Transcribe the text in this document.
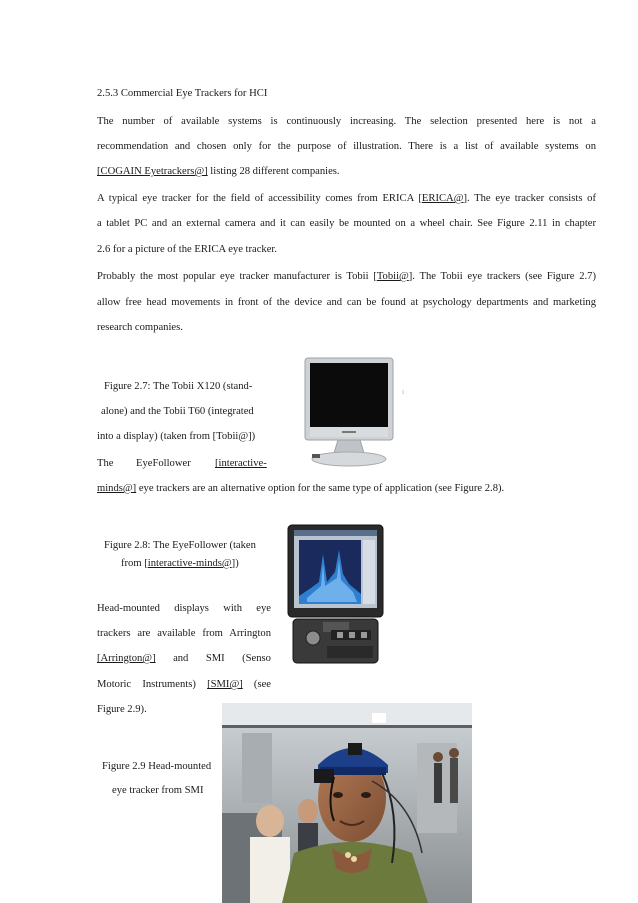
2.5.3 Commercial Eye Trackers for HCI
The number of available systems is continuously increasing. The selection presented here is not a
recommendation and chosen only for the purpose of illustration. There is a list of available systems on
[COGAIN Eyetrackers@] listing 28 different companies.
A typical eye tracker for the field of accessibility comes from ERICA [ERICA@]. The eye tracker consists of
a tablet PC and an external camera and it can easily be mounted on a wheel chair. See Figure 2.11 in chapter
2.6 for a picture of the ERICA eye tracker.
Probably the most popular eye tracker manufacturer is Tobii [Tobii@]. The Tobii eye trackers (see Figure 2.7)
allow free head movements in front of the device and can be found at psychology departments and marketing
research companies.
Figure 2.7: The Tobii X120 (stand-
alone) and the Tobii T60 (integrated
into a display) (taken from [Tobii@])
ı
The EyeFollower [interactive-
minds@] eye trackers are an alternative option for the same type of application (see Figure 2.8).
Figure 2.8: The EyeFollower (taken
from [interactive-minds@])
Head-mounted displays with eye
trackers are available from Arrington
[Arrington@] and SMI (Senso
Motoric Instruments) [SMI@] (see
Figure 2.9).
Figure 2.9 Head-mounted
eye tracker from SMI
